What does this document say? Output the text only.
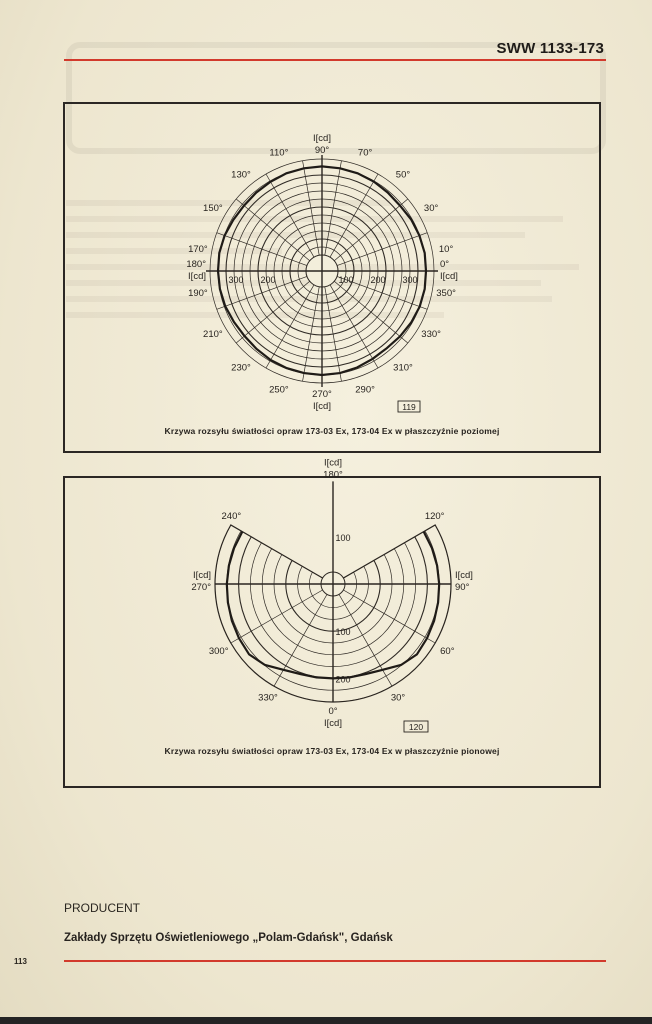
SWW 1133-173
100 200 300
300 200
70°
50°
30°
10°
350°
330°
310°
290°
250°
230°
210°
190°
170°
150°
130°
110°	90°
I[cd]
0°
I[cd]
180°
I[cd]
270°
I[cd]	119
Krzywa rozsyłu światłości opraw 173-03 Ex, 173-04 Ex w płaszczyźnie poziomej
100
100
200
180°
I[cd]
240°	120°
I[cd]
270°
I[cd]
90°
300°	60°
330°	30°
0°
I[cd]	120
Krzywa rozsyłu światłości opraw 173-03 Ex, 173-04 Ex w płaszczyźnie pionowej
PRODUCENT
Zakłady Sprzętu Oświetleniowego „Polam-Gdańsk", Gdańsk
113
